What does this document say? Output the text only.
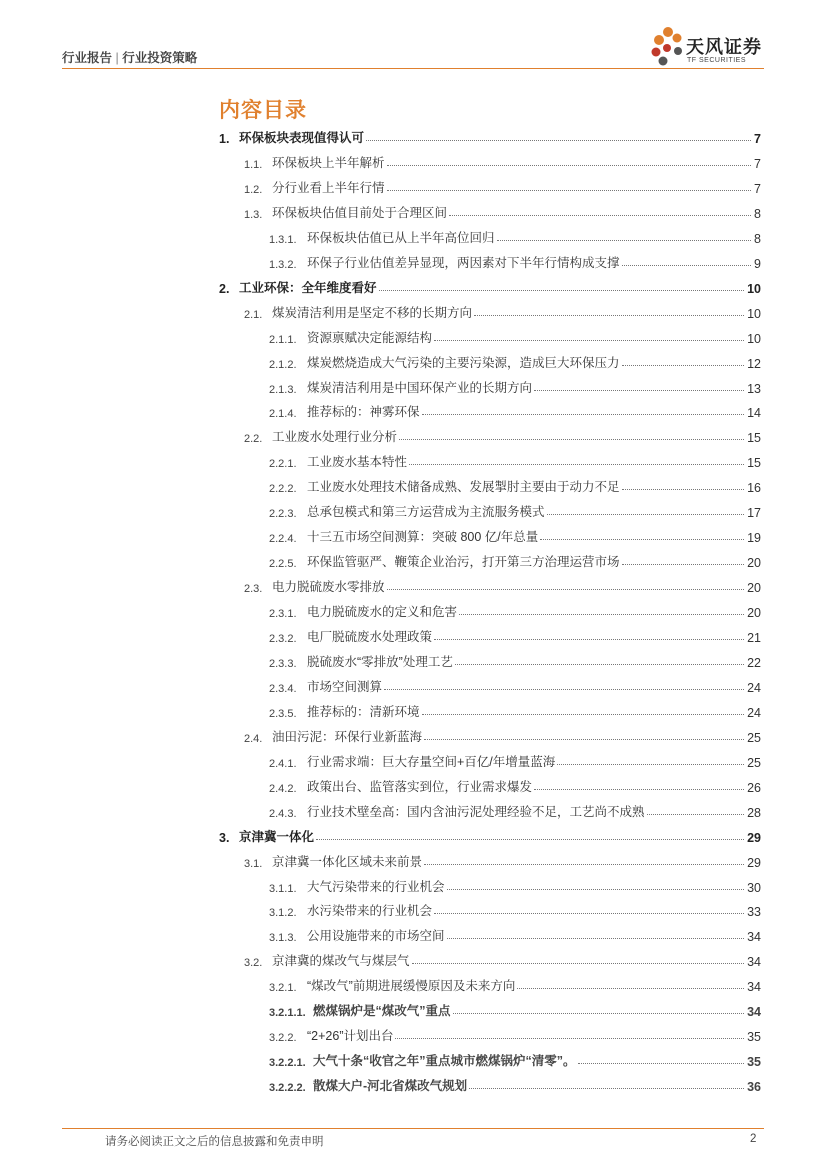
行业报告 | 行业投资策略
天风证券
TF SECURITIES
内容目录
1. 环保板块表现值得认可	7
1.1. 环保板块上半年解析	7
1.2. 分行业看上半年行情	7
1.3. 环保板块估值目前处于合理区间	8
1.3.1. 环保板块估值已从上半年高位回归	8
1.3.2. 环保子行业估值差异显现，两因素对下半年行情构成支撑	9
2. 工业环保：全年维度看好	10
2.1. 煤炭清洁利用是坚定不移的长期方向	10
2.1.1. 资源禀赋决定能源结构	10
2.1.2. 煤炭燃烧造成大气污染的主要污染源，造成巨大环保压力	12
2.1.3. 煤炭清洁利用是中国环保产业的长期方向	13
2.1.4. 推荐标的：神雾环保	14
2.2. 工业废水处理行业分析	15
2.2.1. 工业废水基本特性	15
2.2.2. 工业废水处理技术储备成熟、发展掣肘主要由于动力不足	16
2.2.3. 总承包模式和第三方运营成为主流服务模式	17
2.2.4. 十三五市场空间测算：突破 800 亿/年总量	19
2.2.5. 环保监管驱严、鞭策企业治污，打开第三方治理运营市场	20
2.3. 电力脱硫废水零排放	20
2.3.1. 电力脱硫废水的定义和危害	20
2.3.2. 电厂脱硫废水处理政策	21
2.3.3. 脱硫废水“零排放”处理工艺	22
2.3.4. 市场空间测算	24
2.3.5. 推荐标的：清新环境	24
2.4. 油田污泥：环保行业新蓝海	25
2.4.1. 行业需求端：巨大存量空间+百亿/年增量蓝海	25
2.4.2. 政策出台、监管落实到位，行业需求爆发	26
2.4.3. 行业技术壁垒高：国内含油污泥处理经验不足，工艺尚不成熟	28
3. 京津冀一体化	29
3.1. 京津冀一体化区域未来前景	29
3.1.1. 大气污染带来的行业机会	30
3.1.2. 水污染带来的行业机会	33
3.1.3. 公用设施带来的市场空间	34
3.2. 京津冀的煤改气与煤层气	34
3.2.1. “煤改气”前期进展缓慢原因及未来方向	34
3.2.1.1. 燃煤锅炉是“煤改气”重点	34
3.2.2. “2+26”计划出台	35
3.2.2.1. 大气十条“收官之年”重点城市燃煤锅炉“清零”。	35
3.2.2.2. 散煤大户-河北省煤改气规划	36
请务必阅读正文之后的信息披露和免责申明	2
